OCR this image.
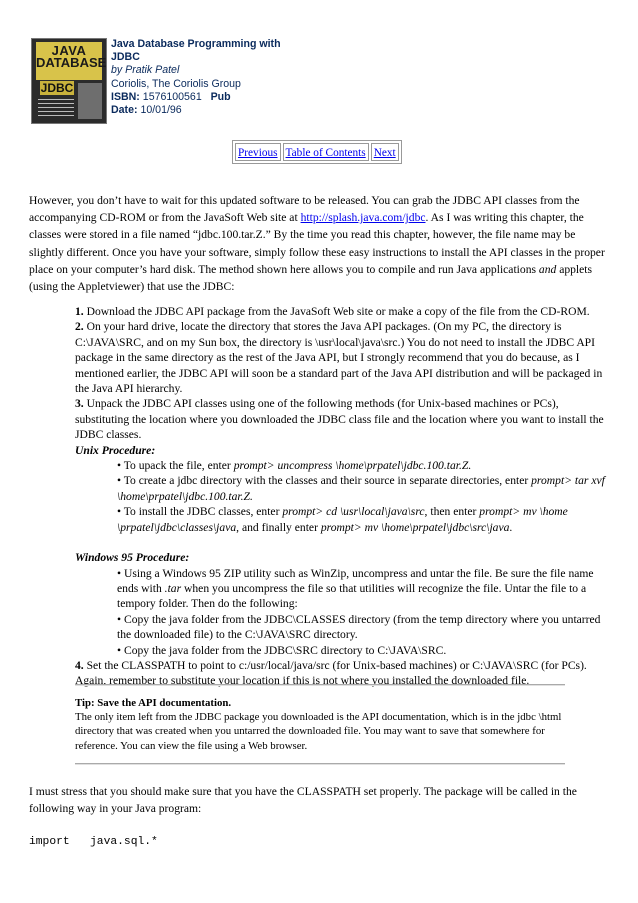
JAVA
DATABASE
JDBC
Java Database Programming with
JDBC
by Pratik Patel
Coriolis, The Coriolis Group
ISBN: 1576100561 Pub
Date: 10/01/96
Previous Table of Contents Next

However, you don’t have to wait for this updated software to be released. You can grab the JDBC API classes from the accompanying CD-ROM or from the JavaSoft Web site at http://splash.java.com/jdbc. As I was writing this chapter, the classes were stored in a file named “jdbc.100.tar.Z.” By the time you read this chapter, however, the file name may be slightly different. Once you have your software, simply follow these easy instructions to install the API classes in the proper place on your computer’s hard disk. The method shown here allows you to compile and run Java applications and applets (using the Appletviewer) that use the JDBC:

1. Download the JDBC API package from the JavaSoft Web site or make a copy of the file from the CD-ROM.
2. On your hard drive, locate the directory that stores the Java API packages. (On my PC, the directory is C:\JAVA\SRC, and on my Sun box, the directory is \usr\local\java\src.) You do not need to install the JDBC API package in the same directory as the rest of the Java API, but I strongly recommend that you do because, as I mentioned earlier, the JDBC API will soon be a standard part of the Java API distribution and will be packaged in the Java API hierarchy.
3. Unpack the JDBC API classes using one of the following methods (for Unix-based machines or PCs), substituting the location where you downloaded the JDBC class file and the location where you want to install the JDBC classes.
Unix Procedure:
• To upack the file, enter prompt> uncompress \home\prpatel\jdbc.100.tar.Z.
• To create a jdbc directory with the classes and their source in separate directories, enter prompt> tar xvf \home\prpatel\jdbc.100.tar.Z.
• To install the JDBC classes, enter prompt> cd \usr\local\java\src, then enter prompt> mv \home \prpatel\jdbc\classes\java, and finally enter prompt> mv \home\prpatel\jdbc\src\java.
Windows 95 Procedure:
• Using a Windows 95 ZIP utility such as WinZip, uncompress and untar the file. Be sure the file name ends with .tar when you uncompress the file so that utilities will recognize the file. Untar the file to a tempory folder. Then do the following:
• Copy the java folder from the JDBC\CLASSES directory (from the temp directory where you untarred the downloaded file) to the C:\JAVA\SRC directory.
• Copy the java folder from the JDBC\SRC directory to C:\JAVA\SRC.
4. Set the CLASSPATH to point to c:/usr/local/java/src (for Unix-based machines) or C:\JAVA\SRC (for PCs). Again, remember to substitute your location if this is not where you installed the downloaded file.
Tip: Save the API documentation.
The only item left from the JDBC package you downloaded is the API documentation, which is in the jdbc \html directory that was created when you untarred the downloaded file. You may want to save that somewhere for reference. You can view the file using a Web browser.

I must stress that you should make sure that you have the CLASSPATH set properly. The package will be called in the following way in your Java program:

import   java.sql.*
